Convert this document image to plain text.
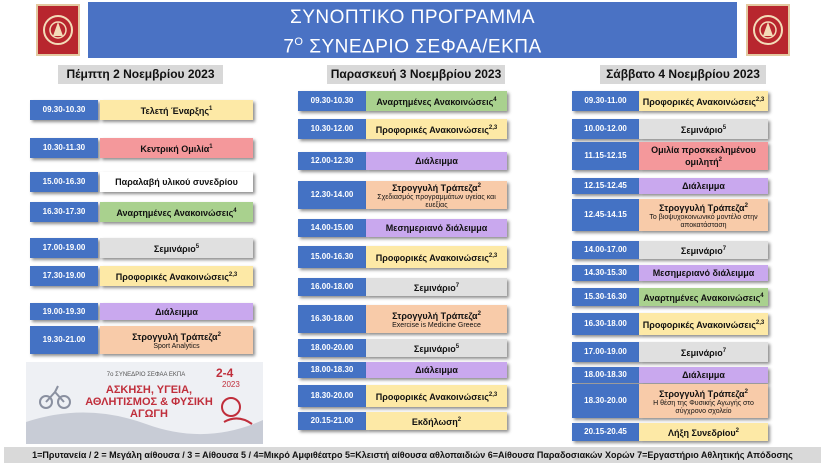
ΣΥΝΟΠΤΙΚΟ ΠΡΟΓΡΑΜΜΑ
$7^O$ ΣΥΝΕΔΡΙΟ ΣΕΦΑΑ/ΕΚΠΑ
Πέμπτη 2 Νοεμβρίου 2023	Παρασκευή 3 Νοεμβρίου 2023	Σάββατο 4 Νοεμβρίου 2023
09.30-10.30	Τελετή Έναρξης$^1$
10.30-11.30	Κεντρική Ομιλία$^1$
15.00-16.30	Παραλαβή υλικού συνεδρίου
16.30-17.30	Αναρτημένες Ανακοινώσεις$^4$
17.00-19.00	Σεμινάριο$^5$
17.30-19.00	Προφορικές Ανακοινώσεις$^{2,3}$
19.00-19.30	Διάλειμμα
19.30-21.00	Στρογγυλή Τράπεζα$^2$
Sport Analytics
09.30-10.30	Αναρτημένες Ανακοινώσεις$^4$
10.30-12.00	Προφορικές Ανακοινώσεις$^{2,3}$
12.00-12.30	Διάλειμμα
12.30-14.00
Στρογγυλή Τράπεζα$^2$
Σχεδιασμός προγραμμάτων υγείας και ευεξίας
14.00-15.00	Μεσημεριανό διάλειμμα
15.00-16.30	Προφορικές Ανακοινώσεις$^{2,3}$
16.00-18.00	Σεμινάριο$^7$
16.30-18.00	Στρογγυλή Τράπεζα$^2$
Exercise is Medicine Greece
18.00-20.00	Σεμινάριο$^5$
18.00-18.30	Διάλειμμα
18.30-20.00	Προφορικές Ανακοινώσεις$^{2,3}$
20.15-21.00	Εκδήλωση$^2$
09.30-11.00	Προφορικές Ανακοινώσεις$^{2,3}$
10.00-12.00	Σεμινάριο$^5$
11.15-12.15
Ομιλία προσκεκλημένου ομιλητή$^2$
12.15-12.45	Διάλειμμα
12.45-14.15
Στρογγυλή Τράπεζα$^2$
Το βιοψυχοκοινωνικό μοντέλο στην αποκατάσταση
14.00-17.00	Σεμινάριο$^7$
14.30-15.30	Μεσημεριανό διάλειμμα
15.30-16.30	Αναρτημένες Ανακοινώσεις$^4$
16.30-18.00	Προφορικές Ανακοινώσεις$^{2,3}$
17.00-19.00	Σεμινάριο$^7$
18.00-18.30	Διάλειμμα
18.30-20.00
Στρογγυλή Τράπεζα$^2$
Η θέση της Φυσικής Αγωγής στο σύγχρονο σχολείο
20.15-20.45	Λήξη Συνεδρίου$^2$
7ο ΣΥΝΕΔΡΙΟ ΣΕΦΑΑ ΕΚΠΑ
ΑΣΚΗΣΗ, ΥΓΕΙΑ, ΑΘΛΗΤΙΣΜΟΣ & ΦΥΣΙΚΗ ΑΓΩΓΗ
2-4
2023
1=Πρυτανεία / 2 = Μεγάλη αίθουσα / 3 = Αίθουσα 5 / 4=Μικρό Αμφιθέατρο 5=Κλειστή αίθουσα αθλοπαιδιών 6=Αίθουσα Παραδοσιακών Χορών 7=Εργαστήριο Αθλητικής Απόδοσης
